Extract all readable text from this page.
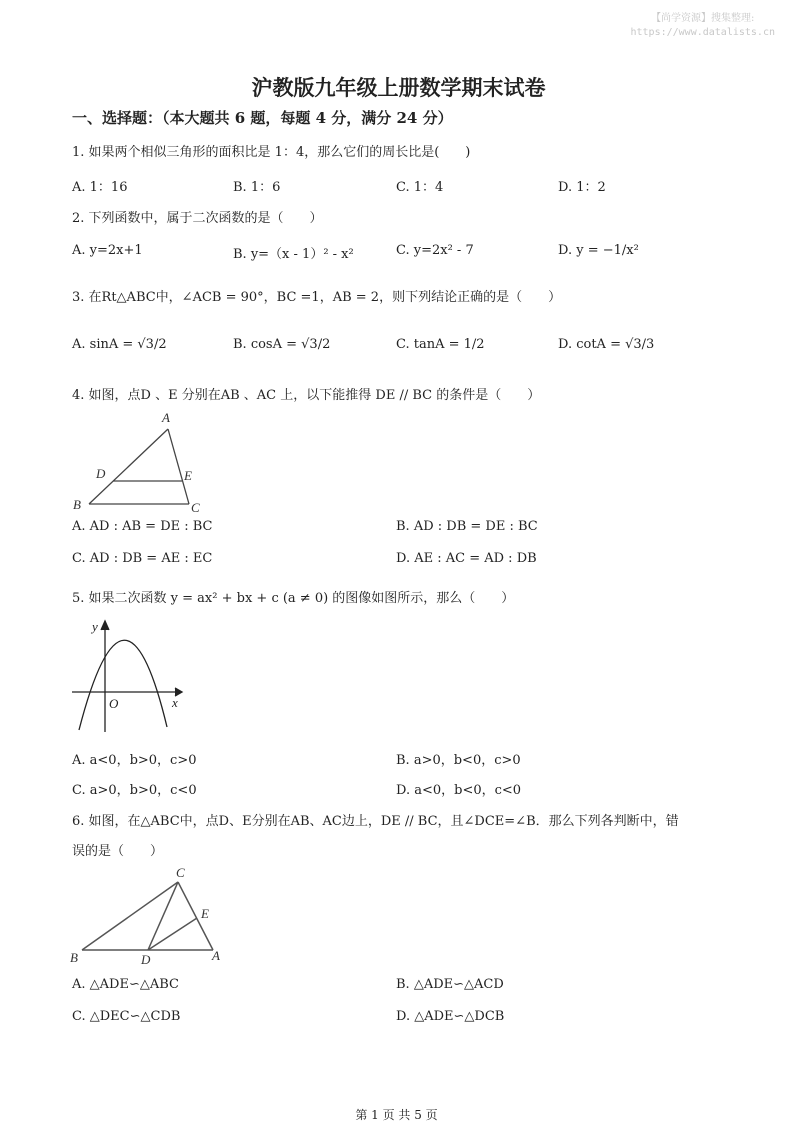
【尚学资源】搜集整理:
https://www.datalists.cn
沪教版九年级上册数学期末试卷
一、选择题：（本大题共 6 题，每题 4 分，满分 24 分）
1. 如果两个相似三角形的面积比是 1：4，那么它们的周长比是(　　)
A. 1：16	B. 1：6	C. 1：4	D. 1：2
2. 下列函数中，属于二次函数的是（　　）
A. y=2x+1	B. y=（x - 1）² - x²	C. y=2x² - 7	D. y = −1/x²
3. 在Rt△ABC中，∠ACB = 90°，BC =1，AB = 2，则下列结论正确的是（　　）
A. sinA = √3/2	B. cosA = √3/2	C. tanA = 1/2	D. cotA = √3/3
4. 如图，点D 、E 分别在AB 、AC 上，以下能推得 DE // BC 的条件是（　　）
A
D	E
B	C
A. AD : AB = DE : BC	B. AD : DB = DE : BC
C. AD : DB = AE : EC	D. AE : AC = AD : DB
5. 如果二次函数 y = ax² + bx + c (a ≠ 0) 的图像如图所示，那么（　　）
y
O	x
A. a<0，b>0，c>0	B. a>0，b<0，c>0
C. a>0，b>0，c<0	D. a<0，b<0，c<0
6. 如图，在△ABC中，点D、E分别在AB、AC边上，DE // BC，且∠DCE=∠B．那么下列各判断中，错
误的是（　　）
C
E
B	D	A
A. △ADE∽△ABC	B. △ADE∽△ACD
C. △DEC∽△CDB	D. △ADE∽△DCB
第 1 页 共 5 页
